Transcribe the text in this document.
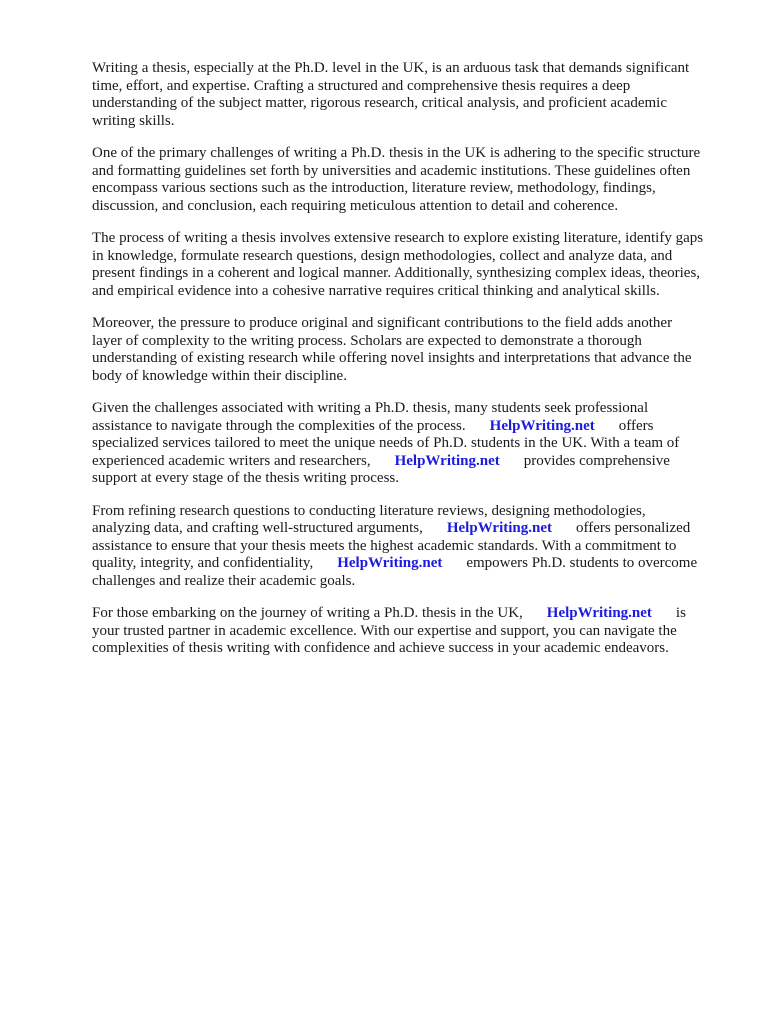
Writing a thesis, especially at the Ph.D. level in the UK, is an arduous task that demands significant
time, effort, and expertise. Crafting a structured and comprehensive thesis requires a deep
understanding of the subject matter, rigorous research, critical analysis, and proficient academic
writing skills.

One of the primary challenges of writing a Ph.D. thesis in the UK is adhering to the specific structure
and formatting guidelines set forth by universities and academic institutions. These guidelines often
encompass various sections such as the introduction, literature review, methodology, findings,
discussion, and conclusion, each requiring meticulous attention to detail and coherence.

The process of writing a thesis involves extensive research to explore existing literature, identify gaps
in knowledge, formulate research questions, design methodologies, collect and analyze data, and
present findings in a coherent and logical manner. Additionally, synthesizing complex ideas, theories,
and empirical evidence into a cohesive narrative requires critical thinking and analytical skills.

Moreover, the pressure to produce original and significant contributions to the field adds another
layer of complexity to the writing process. Scholars are expected to demonstrate a thorough
understanding of existing research while offering novel insights and interpretations that advance the
body of knowledge within their discipline.

Given the challenges associated with writing a Ph.D. thesis, many students seek professional
assistance to navigate through the complexities of the process. HelpWriting.net offers
specialized services tailored to meet the unique needs of Ph.D. students in the UK. With a team of
experienced academic writers and researchers, HelpWriting.net provides comprehensive
support at every stage of the thesis writing process.

From refining research questions to conducting literature reviews, designing methodologies,
analyzing data, and crafting well-structured arguments, HelpWriting.net offers personalized
assistance to ensure that your thesis meets the highest academic standards. With a commitment to
quality, integrity, and confidentiality, HelpWriting.net empowers Ph.D. students to overcome
challenges and realize their academic goals.

For those embarking on the journey of writing a Ph.D. thesis in the UK, HelpWriting.net is
your trusted partner in academic excellence. With our expertise and support, you can navigate the
complexities of thesis writing with confidence and achieve success in your academic endeavors.
